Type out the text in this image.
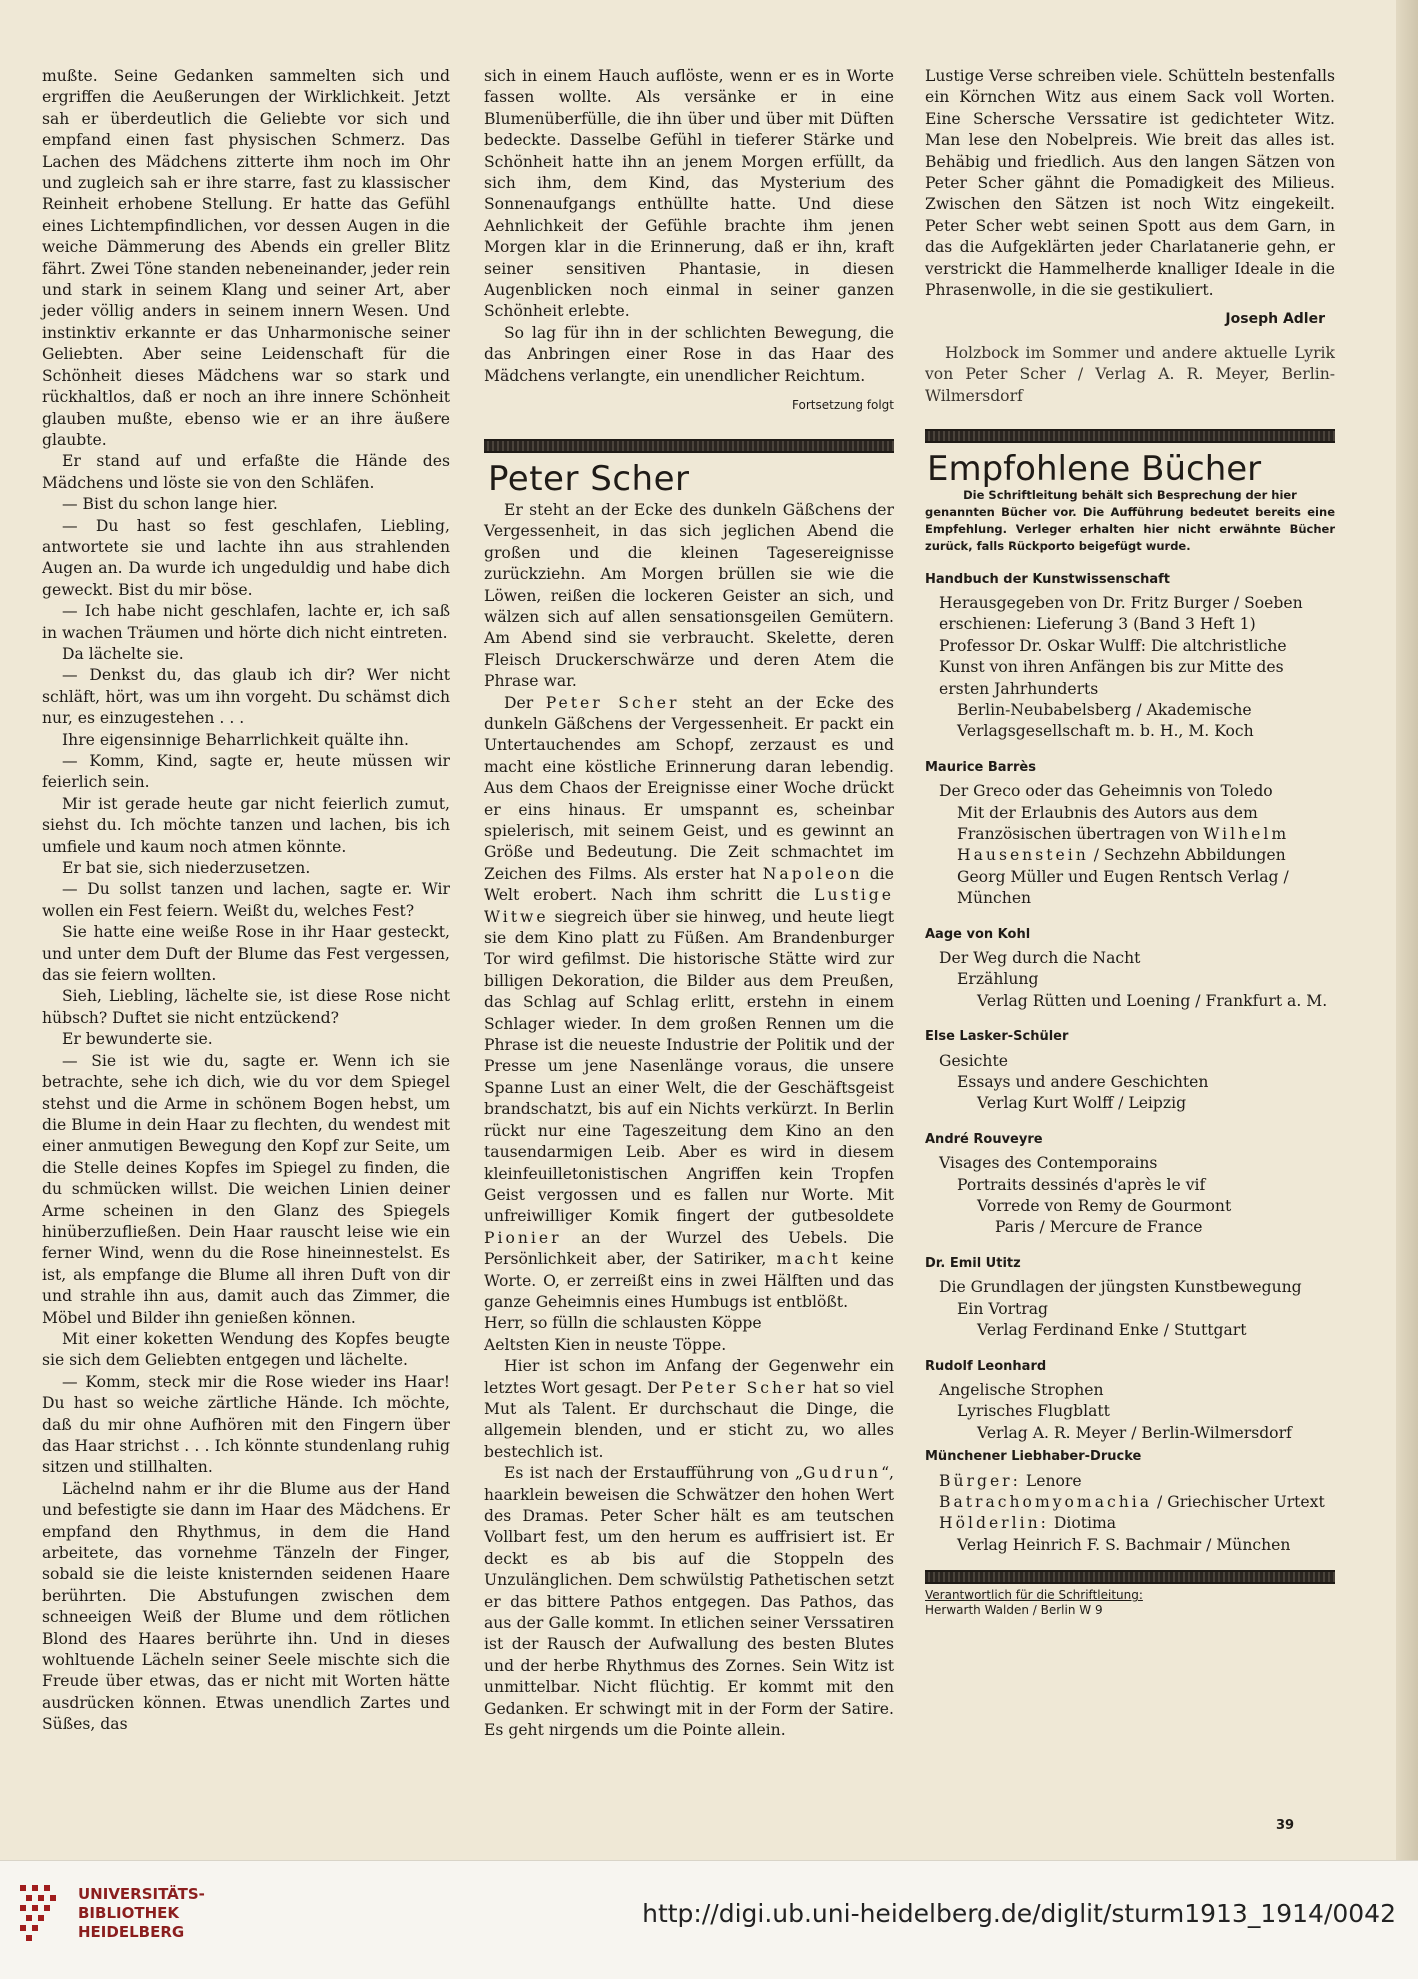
mußte. Seine Gedanken sammelten sich und ergriffen die Aeußerungen der Wirklichkeit. Jetzt sah er überdeutlich die Geliebte vor sich und empfand einen fast physischen Schmerz. Das Lachen des Mädchens zitterte ihm noch im Ohr und zugleich sah er ihre starre, fast zu klassischer Reinheit erhobene Stellung. Er hatte das Gefühl eines Lichtempfindlichen, vor dessen Augen in die weiche Dämmerung des Abends ein greller Blitz fährt. Zwei Töne standen nebeneinander, jeder rein und stark in seinem Klang und seiner Art, aber jeder völlig anders in seinem innern Wesen. Und instinktiv erkannte er das Unharmonische seiner Geliebten. Aber seine Leidenschaft für die Schönheit dieses Mädchens war so stark und rückhaltlos, daß er noch an ihre innere Schönheit glauben mußte, ebenso wie er an ihre äußere glaubte.

Er stand auf und erfaßte die Hände des Mädchens und löste sie von den Schläfen.

— Bist du schon lange hier.

— Du hast so fest geschlafen, Liebling, antwortete sie und lachte ihn aus strahlenden Augen an. Da wurde ich ungeduldig und habe dich geweckt. Bist du mir böse.

— Ich habe nicht geschlafen, lachte er, ich saß in wachen Träumen und hörte dich nicht eintreten.

Da lächelte sie.

— Denkst du, das glaub ich dir? Wer nicht schläft, hört, was um ihn vorgeht. Du schämst dich nur, es einzugestehen . . .

Ihre eigensinnige Beharrlichkeit quälte ihn.

— Komm, Kind, sagte er, heute müssen wir feierlich sein.

Mir ist gerade heute gar nicht feierlich zumut, siehst du. Ich möchte tanzen und lachen, bis ich umfiele und kaum noch atmen könnte.

Er bat sie, sich niederzusetzen.

— Du sollst tanzen und lachen, sagte er. Wir wollen ein Fest feiern. Weißt du, welches Fest?

Sie hatte eine weiße Rose in ihr Haar gesteckt, und unter dem Duft der Blume das Fest vergessen, das sie feiern wollten.

Sieh, Liebling, lächelte sie, ist diese Rose nicht hübsch? Duftet sie nicht entzückend?

Er bewunderte sie.

— Sie ist wie du, sagte er. Wenn ich sie betrachte, sehe ich dich, wie du vor dem Spiegel stehst und die Arme in schönem Bogen hebst, um die Blume in dein Haar zu flechten, du wendest mit einer anmutigen Bewegung den Kopf zur Seite, um die Stelle deines Kopfes im Spiegel zu finden, die du schmücken willst. Die weichen Linien deiner Arme scheinen in den Glanz des Spiegels hinüberzufließen. Dein Haar rauscht leise wie ein ferner Wind, wenn du die Rose hineinnestelst. Es ist, als empfange die Blume all ihren Duft von dir und strahle ihn aus, damit auch das Zimmer, die Möbel und Bilder ihn genießen können.

Mit einer koketten Wendung des Kopfes beugte sie sich dem Geliebten entgegen und lächelte.

— Komm, steck mir die Rose wieder ins Haar! Du hast so weiche zärtliche Hände. Ich möchte, daß du mir ohne Aufhören mit den Fingern über das Haar strichst . . . Ich könnte stundenlang ruhig sitzen und stillhalten.

Lächelnd nahm er ihr die Blume aus der Hand und befestigte sie dann im Haar des Mädchens. Er empfand den Rhythmus, in dem die Hand arbeitete, das vornehme Tänzeln der Finger, sobald sie die leiste knisternden seidenen Haare berührten. Die Abstufungen zwischen dem schneeigen Weiß der Blume und dem rötlichen Blond des Haares berührte ihn. Und in dieses wohltuende Lächeln seiner Seele mischte sich die Freude über etwas, das er nicht mit Worten hätte ausdrücken können. Etwas unendlich Zartes und Süßes, das

sich in einem Hauch auflöste, wenn er es in Worte fassen wollte. Als versänke er in eine Blumenüberfülle, die ihn über und über mit Düften bedeckte. Dasselbe Gefühl in tieferer Stärke und Schönheit hatte ihn an jenem Morgen erfüllt, da sich ihm, dem Kind, das Mysterium des Sonnenaufgangs enthüllte hatte. Und diese Aehnlichkeit der Gefühle brachte ihm jenen Morgen klar in die Erinnerung, daß er ihn, kraft seiner sensitiven Phantasie, in diesen Augenblicken noch einmal in seiner ganzen Schönheit erlebte.

So lag für ihn in der schlichten Bewegung, die das Anbringen einer Rose in das Haar des Mädchens verlangte, ein unendlicher Reichtum.

Fortsetzung folgt
Peter Scher

Er steht an der Ecke des dunkeln Gäßchens der Vergessenheit, in das sich jeglichen Abend die großen und die kleinen Tagesereignisse zurückziehn. Am Morgen brüllen sie wie die Löwen, reißen die lockeren Geister an sich, und wälzen sich auf allen sensationsgeilen Gemütern. Am Abend sind sie verbraucht. Skelette, deren Fleisch Druckerschwärze und deren Atem die Phrase war.

Der Peter Scher steht an der Ecke des dunkeln Gäßchens der Vergessenheit. Er packt ein Untertauchendes am Schopf, zerzaust es und macht eine köstliche Erinnerung daran lebendig. Aus dem Chaos der Ereignisse einer Woche drückt er eins hinaus. Er umspannt es, scheinbar spielerisch, mit seinem Geist, und es gewinnt an Größe und Bedeutung. Die Zeit schmachtet im Zeichen des Films. Als erster hat Napoleon die Welt erobert. Nach ihm schritt die Lustige Witwe siegreich über sie hinweg, und heute liegt sie dem Kino platt zu Füßen. Am Brandenburger Tor wird gefilmst. Die historische Stätte wird zur billigen Dekoration, die Bilder aus dem Preußen, das Schlag auf Schlag erlitt, erstehn in einem Schlager wieder. In dem großen Rennen um die Phrase ist die neueste Industrie der Politik und der Presse um jene Nasenlänge voraus, die unsere Spanne Lust an einer Welt, die der Geschäftsgeist brandschatzt, bis auf ein Nichts verkürzt. In Berlin rückt nur eine Tageszeitung dem Kino an den tausendarmigen Leib. Aber es wird in diesem kleinfeuilletonistischen Angriffen kein Tropfen Geist vergossen und es fallen nur Worte. Mit unfreiwilliger Komik fingert der gutbesoldete Pionier an der Wurzel des Uebels. Die Persönlichkeit aber, der Satiriker, macht keine Worte. O, er zerreißt eins in zwei Hälften und das ganze Geheimnis eines Humbugs ist entblößt.

Herr, so fülln die schlausten Köppe

Aeltsten Kien in neuste Töppe.

Hier ist schon im Anfang der Gegenwehr ein letztes Wort gesagt. Der Peter Scher hat so viel Mut als Talent. Er durchschaut die Dinge, die allgemein blenden, und er sticht zu, wo alles bestechlich ist.

Es ist nach der Erstaufführung von „Gudrun“, haarklein beweisen die Schwätzer den hohen Wert des Dramas. Peter Scher hält es am teutschen Vollbart fest, um den herum es auffrisiert ist. Er deckt es ab bis auf die Stoppeln des Unzulänglichen. Dem schwülstig Pathetischen setzt er das bittere Pathos entgegen. Das Pathos, das aus der Galle kommt. In etlichen seiner Verssatiren ist der Rausch der Aufwallung des besten Blutes und der herbe Rhythmus des Zornes. Sein Witz ist unmittelbar. Nicht flüchtig. Er kommt mit den Gedanken. Er schwingt mit in der Form der Satire. Es geht nirgends um die Pointe allein.

Lustige Verse schreiben viele. Schütteln bestenfalls ein Körnchen Witz aus einem Sack voll Worten. Eine Schersche Verssatire ist gedichteter Witz. Man lese den Nobelpreis. Wie breit das alles ist. Behäbig und friedlich. Aus den langen Sätzen von Peter Scher gähnt die Pomadigkeit des Milieus. Zwischen den Sätzen ist noch Witz eingekeilt. Peter Scher webt seinen Spott aus dem Garn, in das die Aufgeklärten jeder Charlatanerie gehn, er verstrickt die Hammelherde knalliger Ideale in die Phrasenwolle, in die sie gestikuliert.

Joseph Adler

Holzbock im Sommer und andere aktuelle Lyrik von Peter Scher / Verlag A. R. Meyer, Berlin-Wilmersdorf

Empfohlene Bücher
Die Schriftleitung behält sich Besprechung der hier
genannten Bücher vor. Die Aufführung bedeutet bereits eine Empfehlung. Verleger erhalten hier nicht erwähnte Bücher zurück, falls Rückporto beigefügt wurde.
Handbuch der Kunstwissenschaft

Herausgegeben von Dr. Fritz Burger / Soeben erschienen: Lieferung 3 (Band 3 Heft 1) Professor Dr. Oskar Wulff: Die altchristliche Kunst von ihren Anfängen bis zur Mitte des ersten Jahrhunderts

Berlin-Neubabelsberg / Akademische Verlagsgesellschaft m. b. H., M. Koch

Maurice Barrès

Der Greco oder das Geheimnis von Toledo

Mit der Erlaubnis des Autors aus dem Französischen übertragen von Wilhelm Hausenstein / Sechzehn Abbildungen

Georg Müller und Eugen Rentsch Verlag / München

Aage von Kohl

Der Weg durch die Nacht

Erzählung

Verlag Rütten und Loening / Frankfurt a. M.

Else Lasker-Schüler

Gesichte

Essays und andere Geschichten

Verlag Kurt Wolff / Leipzig

André Rouveyre

Visages des Contemporains

Portraits dessinés d'après le vif

Vorrede von Remy de Gourmont

Paris / Mercure de France

Dr. Emil Utitz

Die Grundlagen der jüngsten Kunstbewegung

Ein Vortrag

Verlag Ferdinand Enke / Stuttgart

Rudolf Leonhard

Angelische Strophen

Lyrisches Flugblatt

Verlag A. R. Meyer / Berlin-Wilmersdorf

Münchener Liebhaber-Drucke

Bürger: Lenore

Batrachomyomachia / Griechischer Urtext

Hölderlin: Diotima

Verlag Heinrich F. S. Bachmair / München

Verantwortlich für die Schriftleitung:
Herwarth Walden / Berlin W 9
39
UNIVERSITÄTS-
BIBLIOTHEK
HEIDELBERG
http://digi.ub.uni-heidelberg.de/diglit/sturm1913_1914/0042
